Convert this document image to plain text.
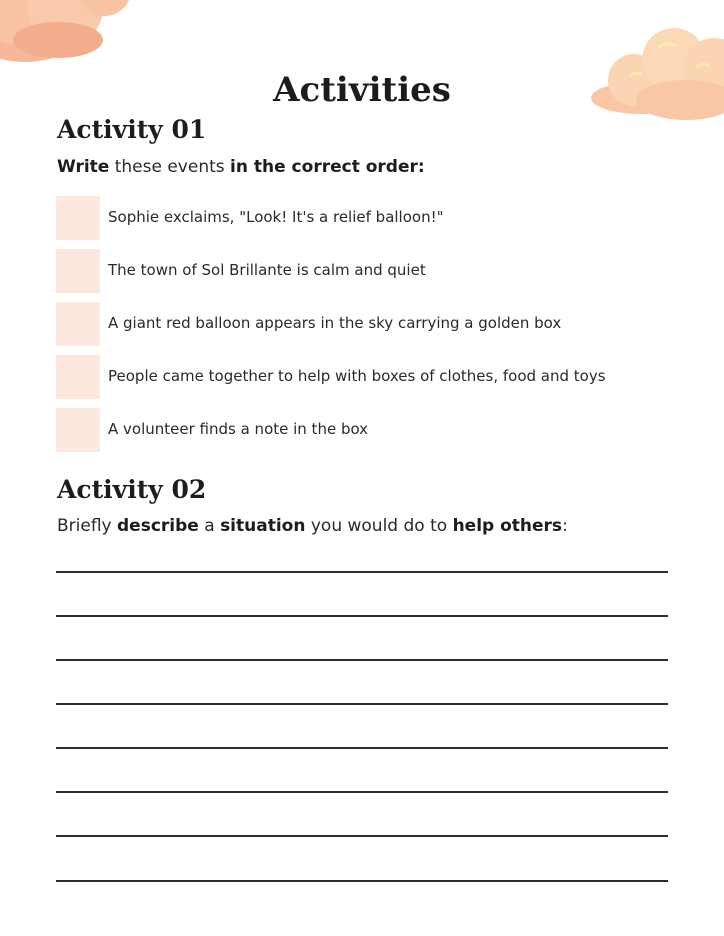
Activities
Activity 01
Write these events in the correct order:
Sophie exclaims, "Look! It's a relief balloon!"
The town of Sol Brillante is calm and quiet
A giant red balloon appears in the sky carrying a golden box
People came together to help with boxes of clothes, food and toys
A volunteer finds a note in the box
Activity 02
Briefly describe a situation you would do to help others:
